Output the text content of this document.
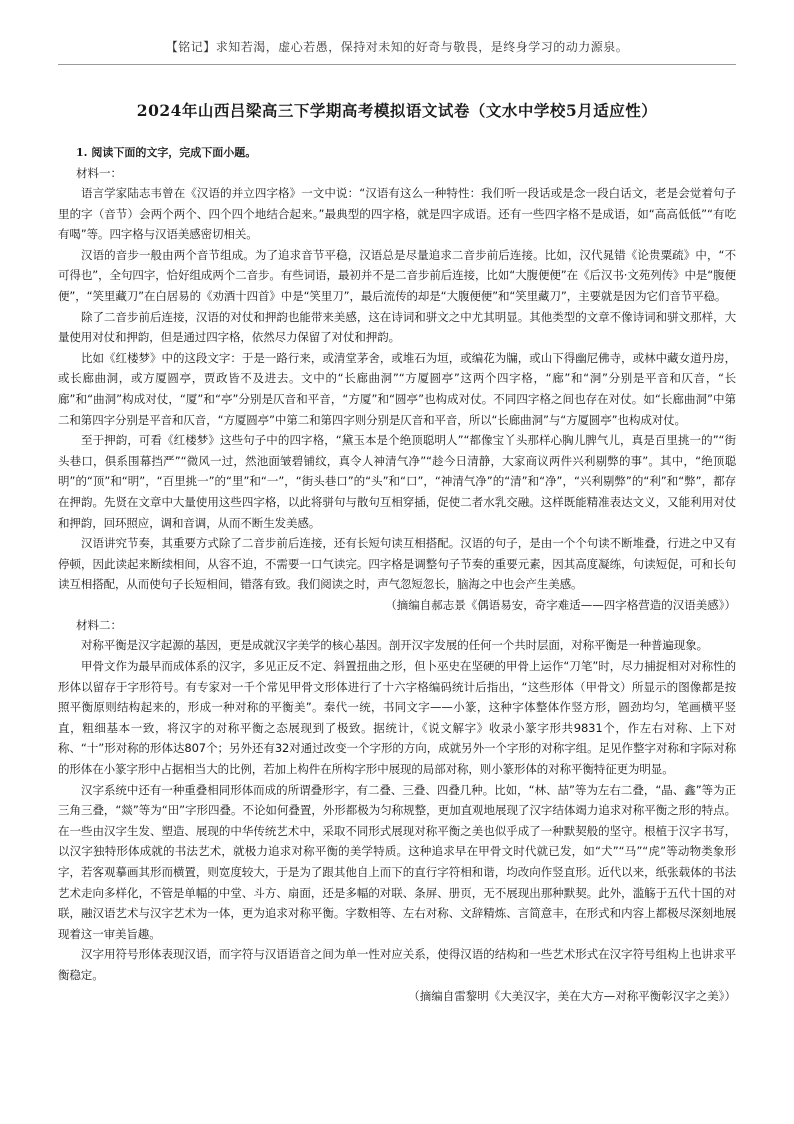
【铭记】求知若渴，虚心若愚，保持对未知的好奇与敬畏，是终身学习的动力源泉。

2024年山西吕梁高三下学期高考模拟语文试卷（文水中学校5月适应性）
1. 阅读下面的文字，完成下面小题。
材料一：

语言学家陆志韦曾在《汉语的并立四字格》一文中说：“汉语有这么一种特性：我们听一段话或是念一段白话文，老是会觉着句子里的字（音节）会两个两个、四个四个地结合起来。”最典型的四字格，就是四字成语。还有一些四字格不是成语，如“高高低低”“有吃有喝”等。四字格与汉语美感密切相关。

汉语的音步一般由两个音节组成。为了追求音节平稳，汉语总是尽量追求二音步前后连接。比如，汉代晁错《论贵粟疏》中，“不可得也”，全句四字，恰好组成两个二音步。有些词语，最初并不是二音步前后连接，比如“大腹便便”在《后汉书·文苑列传》中是“腹便便”，“笑里藏刀”在白居易的《劝酒十四首》中是“笑里刀”，最后流传的却是“大腹便便”和“笑里藏刀”，主要就是因为它们音节平稳。

除了二音步前后连接，汉语的对仗和押韵也能带来美感，这在诗词和骈文之中尤其明显。其他类型的文章不像诗词和骈文那样，大量使用对仗和押韵，但是通过四字格，依然尽力保留了对仗和押韵。

比如《红楼梦》中的这段文字：于是一路行来，或清堂茅舍，或堆石为垣，或编花为牖，或山下得幽尼佛寺，或林中藏女道丹房，或长廊曲洞，或方厦圆亭，贾政皆不及进去。文中的“长廊曲洞”“方厦圆亭”这两个四字格，“廊”和“洞”分别是平音和仄音，“长廊”和“曲洞”构成对仗，“厦”和“亭”分别是仄音和平音，“方厦”和“圆亭”也构成对仗。不同四字格之间也存在对仗。如“长廊曲洞”中第二和第四字分别是平音和仄音，“方厦圆亭”中第二和第四字则分别是仄音和平音，所以“长廊曲洞”与“方厦圆亭”也构成对仗。

至于押韵，可看《红楼梦》这些句子中的四字格，“黛玉本是个绝顶聪明人”“都像宝丫头那样心胸儿脾气儿，真是百里挑一的”“街头巷口，俱系围幕挡严”“微风一过，然池面皱碧铺纹，真令人神清气净”“趁今日清静，大家商议两件兴利剔弊的事”。其中，“绝顶聪明”的“顶”和“明”，“百里挑一”的“里”和“一”，“街头巷口”的“头”和“口”，“神清气净”的“清”和“净”，“兴利剔弊”的“利”和“弊”，都存在押韵。先贤在文章中大量使用这些四字格，以此将骈句与散句互相穿插，促使二者水乳交融。这样既能精准表达文义，又能利用对仗和押韵，回环照应，调和音调，从而不断生发美感。

汉语讲究节奏，其重要方式除了二音步前后连接，还有长短句读互相搭配。汉语的句子，是由一个个句读不断堆叠，行进之中又有停顿，因此读起来断续相间，从容不迫，不需要一口气读完。四字格是调整句子节奏的重要元素，因其高度凝练，句读短促，可和长句读互相搭配，从而使句子长短相间，错落有致。我们阅读之时，声气忽短忽长，脑海之中也会产生美感。

（摘编自郝志景《偶语易安，奇字难适——四字格营造的汉语美感》）

材料二：

对称平衡是汉字起源的基因，更是成就汉字美学的核心基因。剖开汉字发展的任何一个共时层面，对称平衡是一种普遍现象。

甲骨文作为最早而成体系的汉字，多见正反不定、斜置扭曲之形，但卜巫史在坚硬的甲骨上运作“刀笔”时，尽力捕捉相对对称性的形体以留存于字形符号。有专家对一千个常见甲骨文形体进行了十六字格编码统计后指出，“这些形体（甲骨文）所显示的图像都是按照平衡原则结构起来的，形成一种对称的平衡美”。秦代一统，书同文字——小篆，这种字体整体作竖方形，圆劲均匀，笔画横平竖直，粗细基本一致，将汉字的对称平衡之态展现到了极致。据统计，《说文解字》收录小篆字形共9831个，作左右对称、上下对称、“十”形对称的形体达807个；另外还有32对通过改变一个字形的方向，成就另外一个字形的对称字组。足见作整字对称和字际对称的形体在小篆字形中占据相当大的比例，若加上构件在所构字形中展现的局部对称，则小篆形体的对称平衡特征更为明显。

汉字系统中还有一种重叠相同形体而成的所谓叠形字，有二叠、三叠、四叠几种。比如，“林、喆”等为左右二叠，“晶、鑫”等为正三角三叠，“燚”等为“田”字形四叠。不论如何叠置，外形都极为匀称规整，更加直观地展现了汉字结体竭力追求对称平衡之形的特点。在一些由汉字生发、塑造、展现的中华传统艺术中，采取不同形式展现对称平衡之美也似乎成了一种默契般的坚守。根植于汉字书写，以汉字独特形体成就的书法艺术，就极力追求对称平衡的美学特质。这种追求早在甲骨文时代就已发，如“犬”“马”“虎”等动物类象形字，若客观摹画其形而横置，则宽度较大，于是为了跟其他自上而下的直行字符相和谐，均改向作竖直形。近代以来，纸张载体的书法艺术走向多样化，不管是单幅的中堂、斗方、扇面，还是多幅的对联、条屏、册页，无不展现出那种默契。此外，滥觞于五代十国的对联，融汉语艺术与汉字艺术为一体，更为追求对称平衡。字数相等、左右对称、文辞精炼、言简意丰，在形式和内容上都极尽深刻地展现着这一审美旨趣。

汉字用符号形体表现汉语，而字符与汉语语音之间为单一性对应关系，使得汉语的结构和一些艺术形式在汉字符号组构上也讲求平衡稳定。

（摘编自雷黎明《大美汉字，美在大方—对称平衡彰汉字之美》）
